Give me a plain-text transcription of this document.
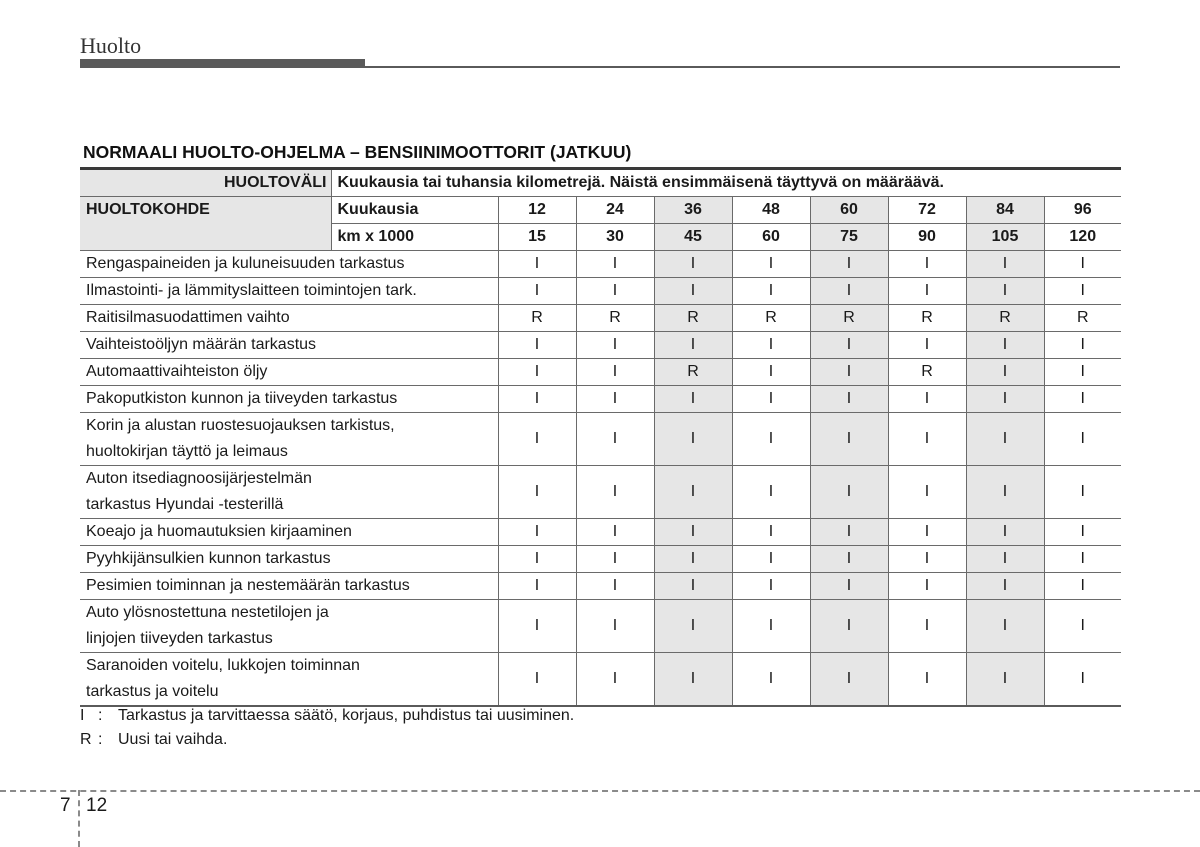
Huolto
NORMAALI HUOLTO-OHJELMA – BENSIINIMOOTTORIT (JATKUU)
HUOLTOVÄLI	Kuukausia tai tuhansia kilometrejä. Näistä ensimmäisenä täyttyvä on määräävä.								
HUOLTOKOHDE	Kuukausia	12	24	36	48	60	72	84	96
	km x 1000	15	30	45	60	75	90	105	120

Rengaspaineiden ja kuluneisuuden tarkastus		I	I	I	I	I	I	I	I

Ilmastointi- ja lämmityslaitteen toimintojen tark.		I	I	I	I	I	I	I	I

Raitisilmasuodattimen vaihto		R	R	R	R	R	R	R	R

Vaihteistoöljyn määrän tarkastus		I	I	I	I	I	I	I	I

Automaattivaihteiston öljy		I	I	R	I	I	R	I	I

Pakoputkiston kunnon ja tiiveyden tarkastus		I	I	I	I	I	I	I	I

Korin ja alustan ruostesuojauksen tarkistus,
huoltokirjan täyttö ja leimaus		I	I	I	I	I	I	I	I

Auton itsediagnoosijärjestelmän
tarkastus Hyundai -testerillä		I	I	I	I	I	I	I	I

Koeajo ja huomautuksien kirjaaminen		I	I	I	I	I	I	I	I

Pyyhkijänsulkien kunnon tarkastus		I	I	I	I	I	I	I	I

Pesimien toiminnan ja nestemäärän tarkastus		I	I	I	I	I	I	I	I

Auto ylösnostettuna nestetilojen ja
linjojen tiiveyden tarkastus		I	I	I	I	I	I	I	I

Saranoiden voitelu, lukkojen toiminnan
tarkastus ja voitelu		I	I	I	I	I	I	I	I
I : Tarkastus ja tarvittaessa säätö, korjaus, puhdistus tai uusiminen.
R : Uusi tai vaihda.
7 12
